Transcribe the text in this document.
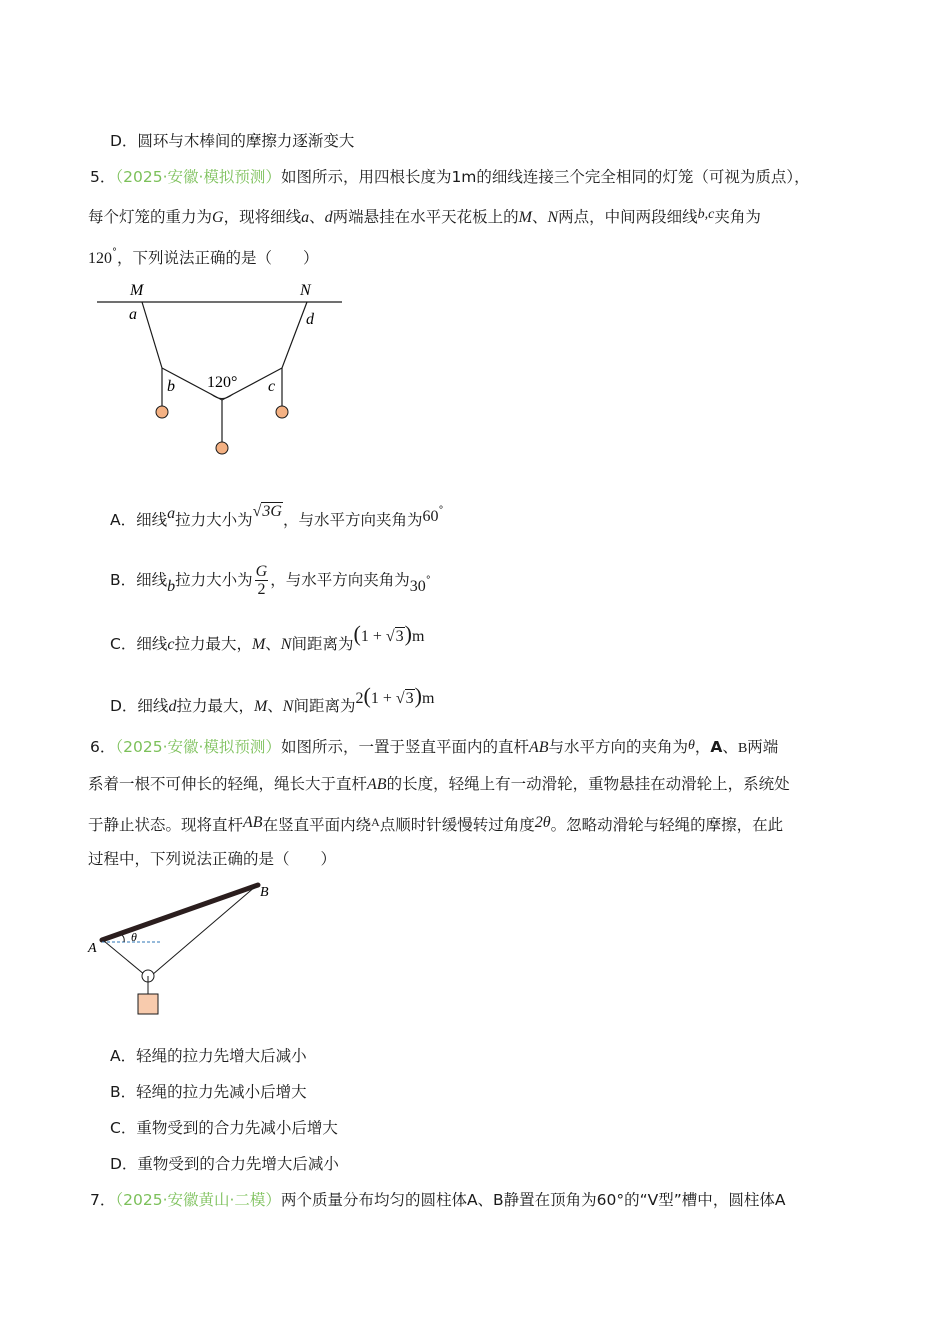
D．圆环与木棒间的摩擦力逐渐变大
5．（2025·安徽·模拟预测）如图所示，用四根长度为1m的细线连接三个完全相同的灯笼（可视为质点），
每个灯笼的重力为G，现将细线a、d两端悬挂在水平天花板上的M、N两点，中间两段细线b,c夹角为
120°，下列说法正确的是（　　）
M	N
a	d
120°
b	c
A．细线a拉力大小为√3G，与水平方向夹角为60°
B．细线b拉力大小为 $\frac{G}{2}$ ，与水平方向夹角为30°
C．细线c拉力最大，M、N间距离为(1 + √3)m
D．细线d拉力最大，M、N间距离为2(1 + √3)m
6．（2025·安徽·模拟预测）如图所示，一置于竖直平面内的直杆AB与水平方向的夹角为θ，A、B两端
系着一根不可伸长的轻绳，绳长大于直杆AB的长度，轻绳上有一动滑轮，重物悬挂在动滑轮上，系统处
于静止状态。现将直杆AB在竖直平面内绕$^A$点顺时针缓慢转过角度2θ。忽略动滑轮与轻绳的摩擦，在此
过程中，下列说法正确的是（　　）
θ
A
B
A．轻绳的拉力先增大后减小
B．轻绳的拉力先减小后增大
C．重物受到的合力先减小后增大
D．重物受到的合力先增大后减小
7．（2025·安徽黄山·二模）两个质量分布均匀的圆柱体A、B静置在顶角为60°的“V型”槽中，圆柱体A
